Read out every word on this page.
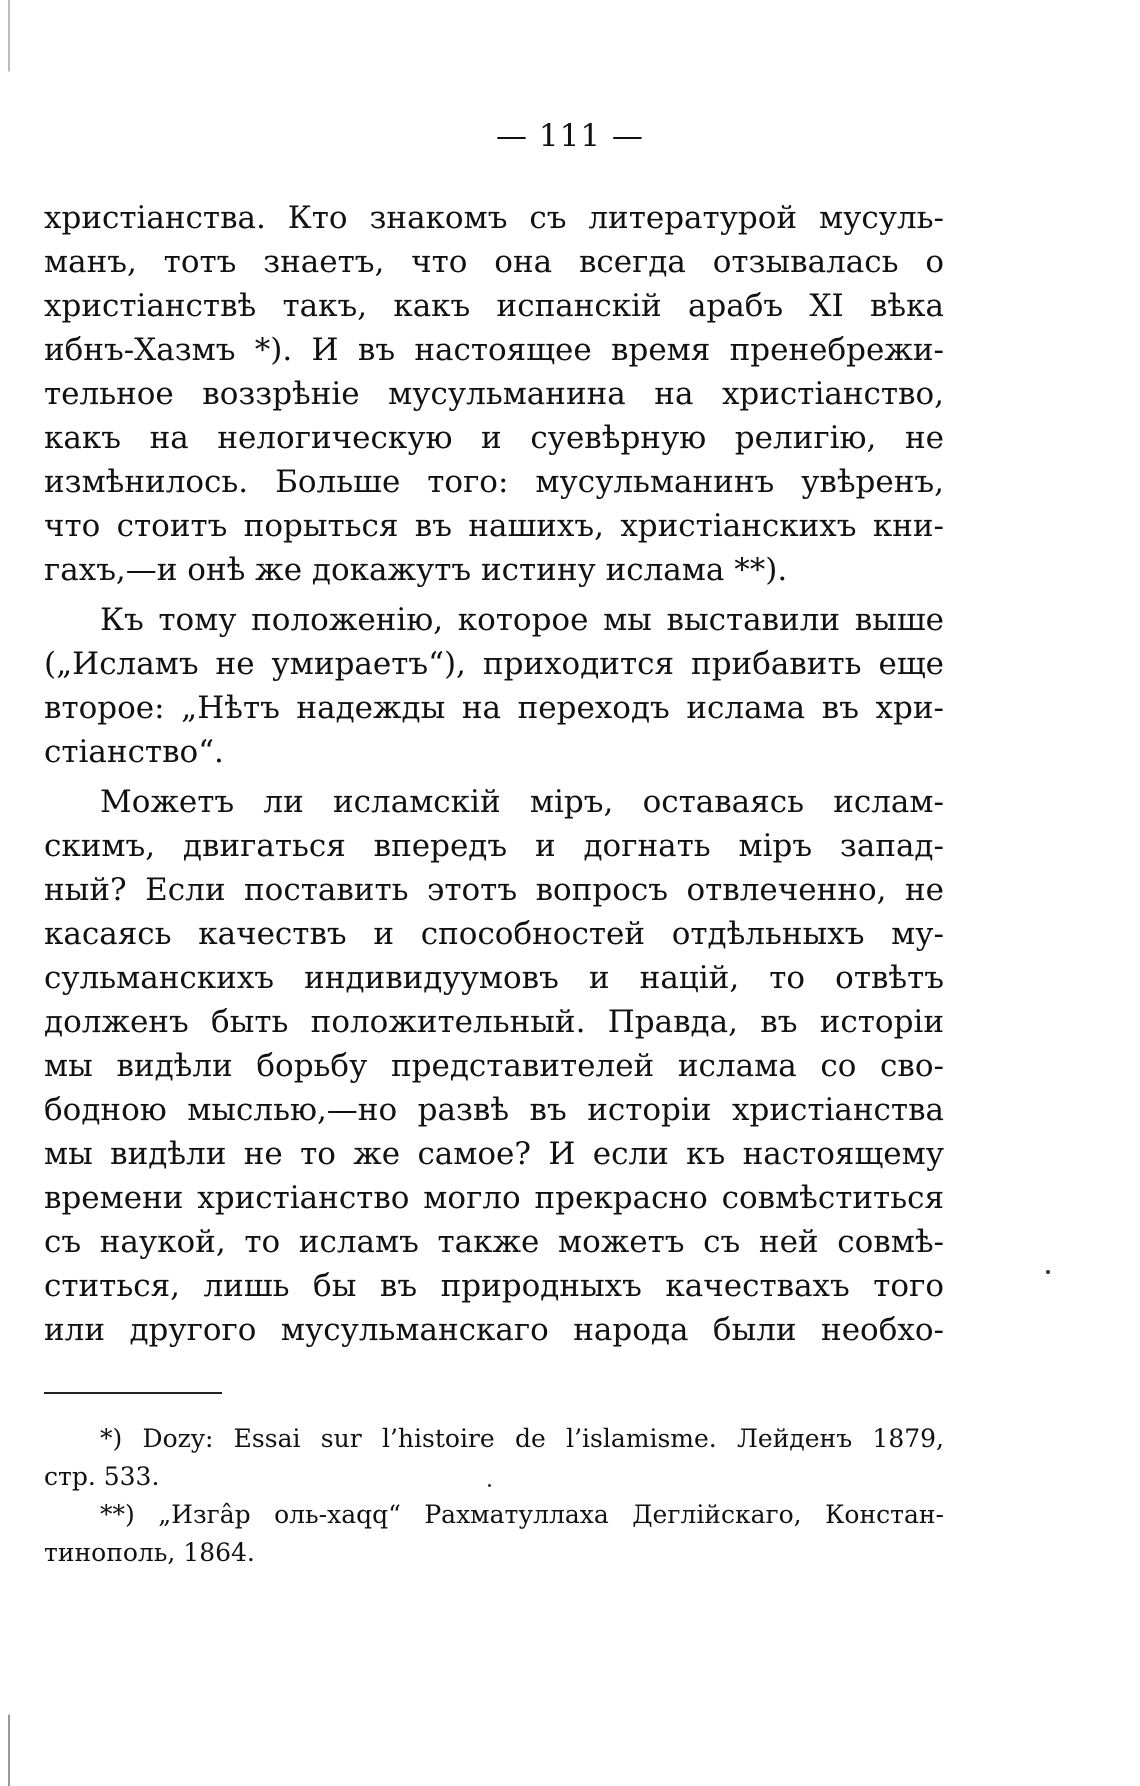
— 111 —
христіанства. Кто знакомъ съ литературой мусуль-
манъ, тотъ знаетъ, что она всегда отзывалась о
христіанствѣ такъ, какъ испанскій арабъ XI вѣка
ибнъ-Хазмъ *). И въ настоящее время пренебрежи-
тельное воззрѣніе мусульманина на христіанство,
какъ на нелогическую и суевѣрную религію, не
измѣнилось. Больше того: мусульманинъ увѣренъ,
что стоитъ порыться въ нашихъ, христіанскихъ кни-
гахъ,—и онѣ же докажутъ истину ислама **).
Къ тому положенію, которое мы выставили выше
(„Исламъ не умираетъ“), приходится прибавить еще
второе: „Нѣтъ надежды на переходъ ислама въ хри-
стіанство“.
Можетъ ли исламскій міръ, оставаясь ислам-
скимъ, двигаться впередъ и догнать міръ запад-
ный? Если поставить этотъ вопросъ отвлеченно, не
касаясь качествъ и способностей отдѣльныхъ му-
сульманскихъ индивидуумовъ и націй, то отвѣтъ
долженъ быть положительный. Правда, въ исторіи
мы видѣли борьбу представителей ислама со сво-
бодною мыслью,—но развѣ въ исторіи христіанства
мы видѣли не то же самое? И если къ настоящему
времени христіанство могло прекрасно совмѣститься
съ наукой, то исламъ также можетъ съ ней совмѣ-
ститься, лишь бы въ природныхъ качествахъ того
или другого мусульманскаго народа были необхо-
*) Dozy: Essai sur l’histoire de l’islamisme. Лейденъ 1879,
стр. 533.
**) „Изгâр оль-хаqq“ Рахматуллаха Деглійскаго, Констан-
тинополь, 1864.
